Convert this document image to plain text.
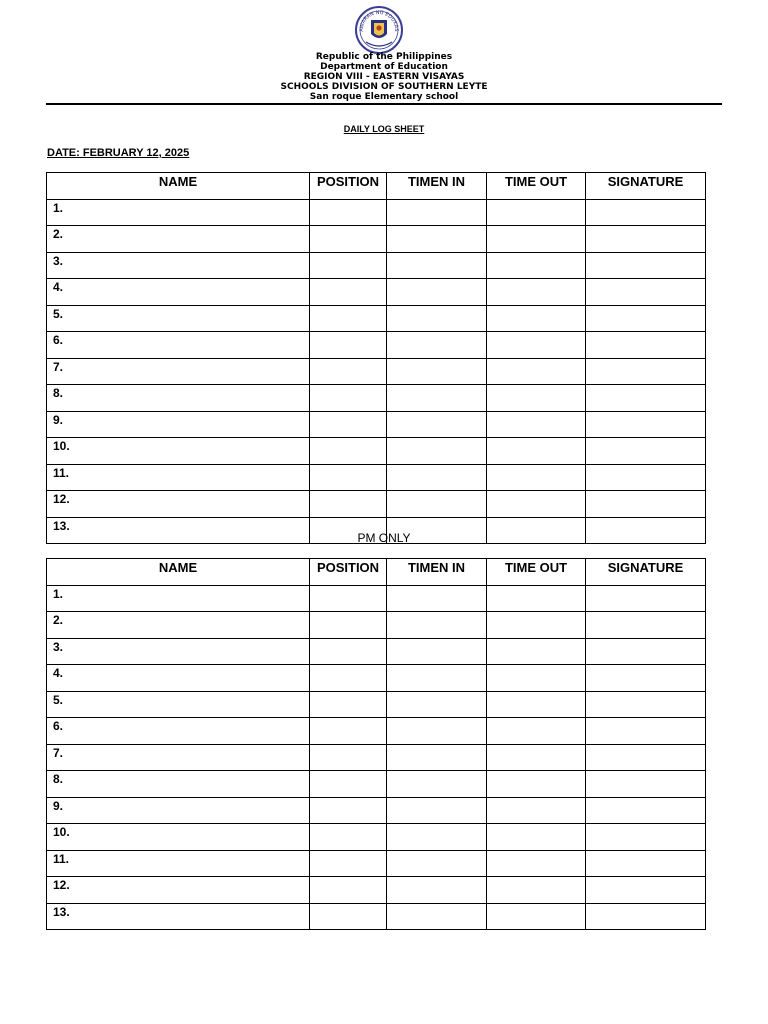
AWARAN NG EDUKAS
Republic of the Philippines
Department of Education
REGION VIII - EASTERN VISAYAS
SCHOOLS DIVISION OF SOUTHERN LEYTE
San roque Elementary school
DAILY LOG SHEET
DATE: FEBRUARY 12, 2025
NAME	POSITION	TIMEN IN	TIME OUT	SIGNATURE
1.				
2.				
3.				
4.				
5.				
6.				
7.				
8.				
9.				
10.				
11.				
12.				
13.				
PM ONLY
NAME	POSITION	TIMEN IN	TIME OUT	SIGNATURE
1.				
2.				
3.				
4.				
5.				
6.				
7.				
8.				
9.				
10.				
11.				
12.				
13.				
